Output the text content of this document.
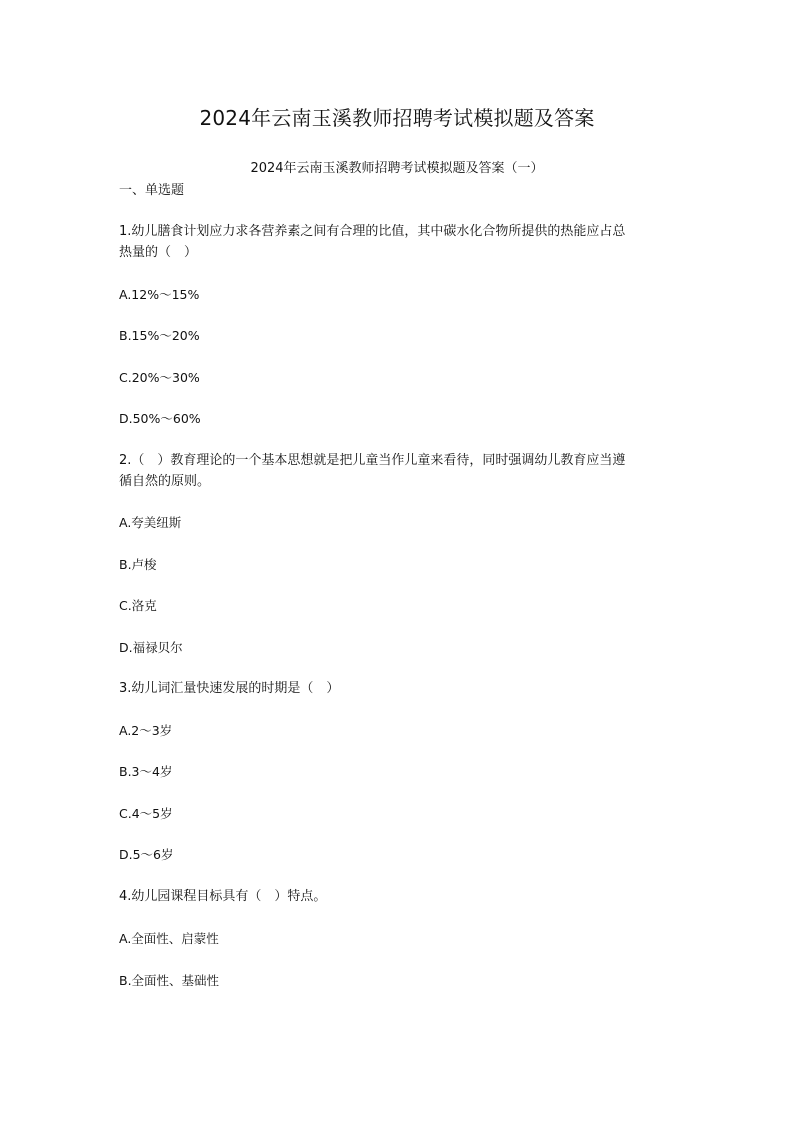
2024年云南玉溪教师招聘考试模拟题及答案
2024年云南玉溪教师招聘考试模拟题及答案（一）
一、单选题
1.幼儿膳食计划应力求各营养素之间有合理的比值，其中碳水化合物所提供的热能应占总
热量的（　）
A.12%～15%
B.15%～20%
C.20%～30%
D.50%～60%
2.（　）教育理论的一个基本思想就是把儿童当作儿童来看待，同时强调幼儿教育应当遵
循自然的原则。
A.夸美纽斯
B.卢梭
C.洛克
D.福禄贝尔
3.幼儿词汇量快速发展的时期是（　）
A.2～3岁
B.3～4岁
C.4～5岁
D.5～6岁
4.幼儿园课程目标具有（　）特点。
A.全面性、启蒙性
B.全面性、基础性
